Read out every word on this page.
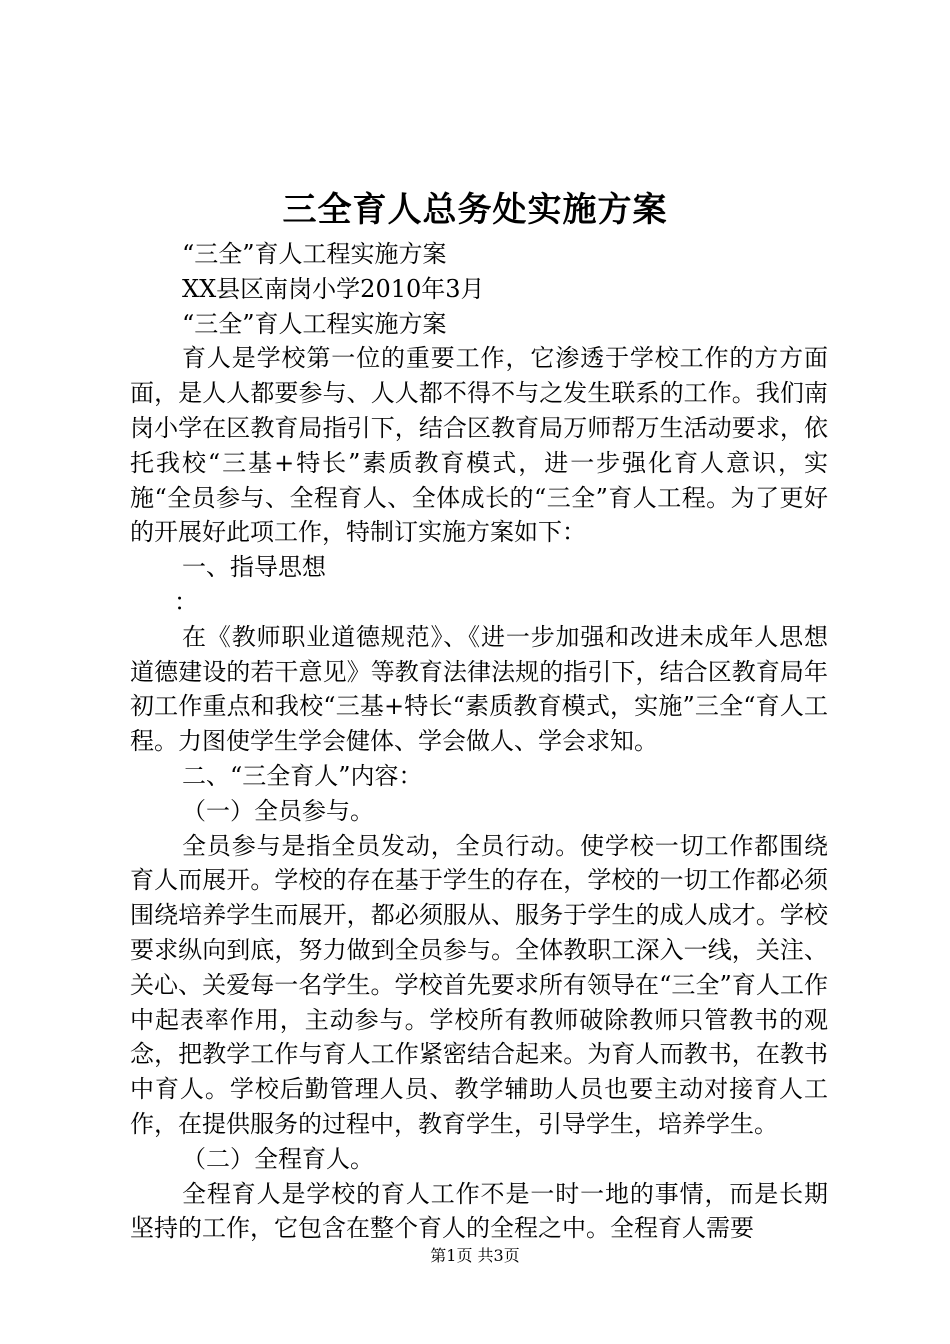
三全育人总务处实施方案

“三全”育人工程实施方案

XX县区南岗小学2010年3月

“三全”育人工程实施方案

育人是学校第一位的重要工作，它渗透于学校工作的方方面面，是人人都要参与、人人都不得不与之发生联系的工作。我们南岗小学在区教育局指引下，结合区教育局万师帮万生活动要求，依托我校“三基+特长”素质教育模式，进一步强化育人意识，实施“全员参与、全程育人、全体成长的“三全”育人工程。为了更好的开展好此项工作，特制订实施方案如下：

一、指导思想

：

在《教师职业道德规范》、《进一步加强和改进未成年人思想道德建设的若干意见》等教育法律法规的指引下，结合区教育局年初工作重点和我校“三基+特长“素质教育模式，实施”三全“育人工程。力图使学生学会健体、学会做人、学会求知。

二、“三全育人”内容：

（一）全员参与。

全员参与是指全员发动，全员行动。使学校一切工作都围绕育人而展开。学校的存在基于学生的存在，学校的一切工作都必须围绕培养学生而展开，都必须服从、服务于学生的成人成才。学校要求纵向到底，努力做到全员参与。全体教职工深入一线，关注、关心、关爱每一名学生。学校首先要求所有领导在“三全”育人工作中起表率作用，主动参与。学校所有教师破除教师只管教书的观念，把教学工作与育人工作紧密结合起来。为育人而教书，在教书中育人。学校后勤管理人员、教学辅助人员也要主动对接育人工作，在提供服务的过程中，教育学生，引导学生，培养学生。

（二）全程育人。

全程育人是学校的育人工作不是一时一地的事情，而是长期坚持的工作，它包含在整个育人的全程之中。全程育人需要

第1页 共3页
